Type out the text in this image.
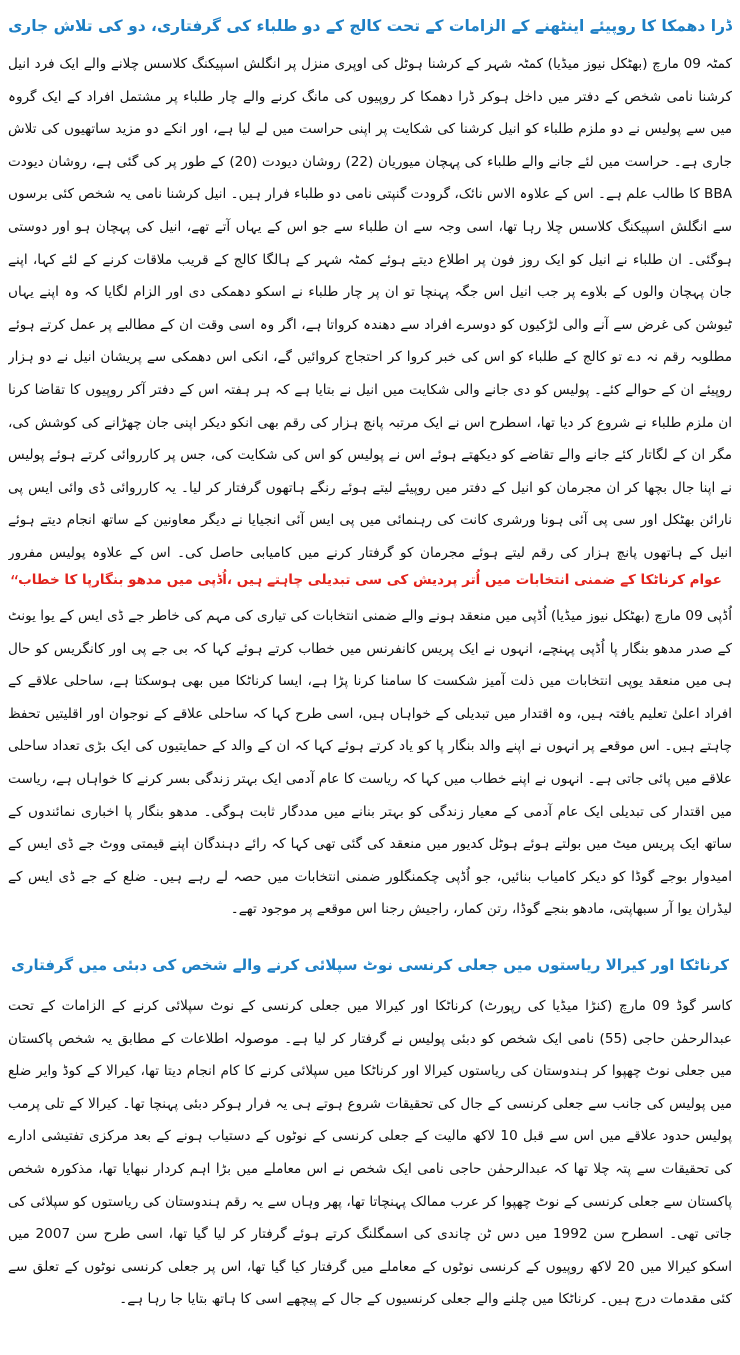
ڈرا دھمکا کا روپیئے اینٹھنے کے الزامات کے تحت کالج کے دو طلباء کی گرفتاری، دو کی تلاش جاری

کمٹہ 09 مارچ (بھٹکل نیوز میڈیا) کمٹہ شہر کے کرشنا ہوٹل کی اوپری منزل پر انگلش اسپیکنگ کلاسس چلانے والے ایک فرد انیل کرشنا نامی شخص کے دفتر میں داخل ہوکر ڈرا دھمکا کر روپیوں کی مانگ کرنے والے چار طلباء پر مشتمل افراد کے ایک گروہ میں سے پولیس نے دو ملزم طلباء کو انیل کرشنا کی شکایت پر اپنی حراست میں لے لیا ہے، اور انکے دو مزید ساتھیوں کی تلاش جاری ہے۔ حراست میں لئے جانے والے طلباء کی پہچان میوریان (22) روشان دیودت (20) کے طور پر کی گئی ہے، روشان دیودت BBA کا طالب علم ہے۔ اس کے علاوہ الاس نائک، گرودت گنپتی نامی دو طلباء فرار ہیں۔ انیل کرشنا نامی یہ شخص کئی برسوں سے انگلش اسپیکنگ کلاسس چلا رہا تھا، اسی وجہ سے ان طلباء سے جو اس کے یہاں آتے تھے، انیل کی پہچان ہو اور دوستی ہوگئی۔ ان طلباء نے انیل کو ایک روز فون پر اطلاع دیتے ہوئے کمٹہ شہر کے ہالگا کالج کے قریب ملاقات کرنے کے لئے کہا، اپنے جان پہچان والوں کے بلاوے پر جب انیل اس جگہ پہنچا تو ان پر چار طلباء نے اسکو دھمکی دی اور الزام لگایا کہ وہ اپنے یہاں ٹیوشن کی غرض سے آنے والی لڑکیوں کو دوسرے افراد سے دھندہ کرواتا ہے، اگر وہ اسی وقت ان کے مطالبے پر عمل کرتے ہوئے مطلوبہ رقم نہ دے تو کالج کے طلباء کو اس کی خبر کروا کر احتجاج کروائیں گے، انکی اس دھمکی سے پریشان انیل نے دو ہزار روپیئے ان کے حوالے کئے۔ پولیس کو دی جانے والی شکایت میں انیل نے بتایا ہے کہ ہر ہفتہ اس کے دفتر آکر روپیوں کا تقاضا کرنا ان ملزم طلباء نے شروع کر دیا تھا، اسطرح اس نے ایک مرتبہ پانچ ہزار کی رقم بھی انکو دیکر اپنی جان چھڑانے کی کوشش کی، مگر ان کے لگاتار کئے جانے والے تقاضے کو دیکھتے ہوئے اس نے پولیس کو اس کی شکایت کی، جس پر کارروائی کرتے ہوئے پولیس نے اپنا جال بچھا کر ان مجرمان کو انیل کے دفتر میں روپیئے لیتے ہوئے رنگے ہاتھوں گرفتار کر لیا۔ یہ کارروائی ڈی وائی ایس پی نارائن بھٹکل اور سی پی آئی ہونا ورشری کانت کی رہنمائی میں پی ایس آئی انجیایا نے دیگر معاونین کے ساتھ انجام دیتے ہوئے انیل کے ہاتھوں پانچ ہزار کی رقم لیتے ہوئے مجرمان کو گرفتار کرنے میں کامیابی حاصل کی۔ اس کے علاوہ پولیس مفرور

“
عوام کرناٹکا کے ضمنی انتخابات میں اُتر پردیش کی سی تبدیلی چاہتے ہیں ،اُڈپی میں مدھو بنگارپا کا خطاب

اُڈپی 09 مارچ (بھٹکل نیوز میڈیا) اُڈپی میں منعقد ہونے والے ضمنی انتخابات کی تیاری کی مہم کی خاطر جے ڈی ایس کے یوا یونٹ کے صدر مدھو بنگار پا اُڈپی پہنچے، انہوں نے ایک پریس کانفرنس میں خطاب کرتے ہوئے کہا کہ بی جے پی اور کانگریس کو حال ہی میں منعقد یوپی انتخابات میں ذلت آمیز شکست کا سامنا کرنا پڑا ہے، ایسا کرناٹکا میں بھی ہوسکتا ہے، ساحلی علاقے کے افراد اعلیٰ تعلیم یافتہ ہیں، وہ اقتدار میں تبدیلی کے خواہاں ہیں، اسی طرح کہا کہ ساحلی علاقے کے نوجوان اور اقلیتیں تحفظ چاہتے ہیں۔ اس موقعے پر انہوں نے اپنے والد بنگار پا کو یاد کرتے ہوئے کہا کہ ان کے والد کے حمایتیوں کی ایک بڑی تعداد ساحلی علاقے میں پائی جاتی ہے۔ انہوں نے اپنے خطاب میں کہا کہ ریاست کا عام آدمی ایک بہتر زندگی بسر کرنے کا خواہاں ہے، ریاست میں اقتدار کی تبدیلی ایک عام آدمی کے معیار زندگی کو بہتر بنانے میں مددگار ثابت ہوگی۔ مدھو بنگار پا اخباری نمائندوں کے ساتھ ایک پریس میٹ میں بولتے ہوئے ہوٹل کدیور میں منعقد کی گئی تھی کہا کہ رائے دہندگان اپنے قیمتی ووٹ جے ڈی ایس کے امیدوار بوجے گوڈا کو دیکر کامیاب بنائیں، جو اُڈپی چکمنگلور ضمنی انتخابات میں حصہ لے رہے ہیں۔ ضلع کے جے ڈی ایس کے لیڈران یوا آر سبھاپتی، مادھو بنجے گوڈا، رتن کمار، راجیش رجنا اس موقعے پر موجود تھے۔

کرناٹکا اور کیرالا ریاستوں میں جعلی کرنسی نوٹ سپلائی کرنے والے شخص کی دبئی میں گرفتاری

کاسر گوڈ 09 مارچ (کنڑا میڈیا کی رپورٹ) کرناٹکا اور کیرالا میں جعلی کرنسی کے نوٹ سپلائی کرنے کے الزامات کے تحت عبدالرحمٰن حاجی (55) نامی ایک شخص کو دبئی پولیس نے گرفتار کر لیا ہے۔ موصولہ اطلاعات کے مطابق یہ شخص پاکستان میں جعلی نوٹ چھپوا کر ہندوستان کی ریاستوں کیرالا اور کرناٹکا میں سپلائی کرنے کا کام انجام دیتا تھا، کیرالا کے کوڈ وایر ضلع میں پولیس کی جانب سے جعلی کرنسی کے جال کی تحقیقات شروع ہوتے ہی یہ فرار ہوکر دبئی پہنچا تھا۔ کیرالا کے تلی پرمب پولیس حدود علاقے میں اس سے قبل 10 لاکھ مالیت کے جعلی کرنسی کے نوٹوں کے دستیاب ہونے کے بعد مرکزی تفتیشی ادارے کی تحقیقات سے پتہ چلا تھا کہ عبدالرحمٰن حاجی نامی ایک شخص نے اس معاملے میں بڑا اہم کردار نبھایا تھا، مذکورہ شخص پاکستان سے جعلی کرنسی کے نوٹ چھپوا کر عرب ممالک پہنچاتا تھا، پھر وہاں سے یہ رقم ہندوستان کی ریاستوں کو سپلائی کی جاتی تھی۔ اسطرح سن 1992 میں دس ٹن چاندی کی اسمگلنگ کرتے ہوئے گرفتار کر لیا گیا تھا، اسی طرح سن 2007 میں اسکو کیرالا میں 20 لاکھ روپیوں کے کرنسی نوٹوں کے معاملے میں گرفتار کیا گیا تھا، اس پر جعلی کرنسی نوٹوں کے تعلق سے کئی مقدمات درج ہیں۔ کرناٹکا میں چلنے والے جعلی کرنسیوں کے جال کے پیچھے اسی کا ہاتھ بتایا جا رہا ہے۔
